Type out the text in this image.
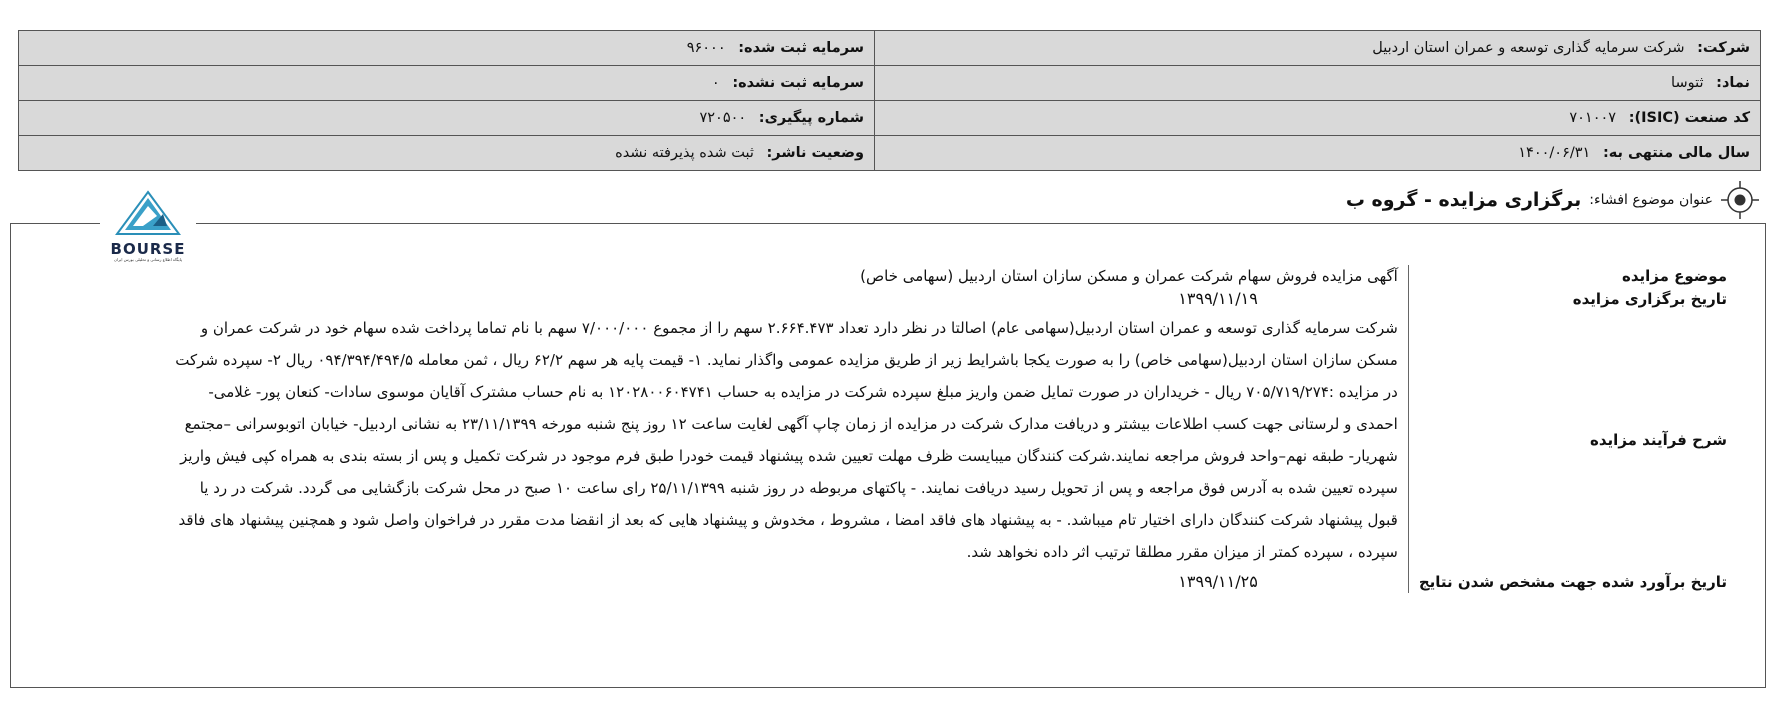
شرکت: شرکت سرمایه گذاری توسعه و عمران استان اردبیل	سرمایه ثبت شده: ۹۶۰۰۰
نماد: ثتوسا	سرمایه ثبت نشده: ۰
کد صنعت (ISIC): ۷۰۱۰۰۷	شماره پیگیری: ۷۲۰۵۰۰
سال مالی منتهی به: ۱۴۰۰/۰۶/۳۱	وضعیت ناشر: ثبت شده پذیرفته نشده
عنوان موضوع افشاء:
برگزاری مزایده - گروه ب
BOURSE
پایگاه اطلاع رسانی و تحلیلی بورس ایران
موضوع مزایده	آگهی مزایده فروش سهام شرکت عمران و مسکن سازان استان اردبیل (سهامی خاص)
تاریخ برگزاری مزایده	۱۳۹۹/۱۱/۱۹
شرح فرآیند مزایده	شرکت سرمایه گذاری توسعه و عمران استان اردبیل(سهامی عام) اصالتا در نظر دارد تعداد ۲.۶۶۴.۴۷۳ سهم را از مجموع ۷/۰۰۰/۰۰۰ سهم با نام تماما پرداخت شده سهام خود در شرکت عمران و مسکن سازان استان اردبیل(سهامی خاص) را به صورت یکجا باشرایط زیر از طریق مزایده عمومی واگذار نماید. ۱- قیمت پایه هر سهم ۶۲/۲ ریال ، ثمن معامله ۰۹۴/۳۹۴/۴۹۴/۵ ریال ۲- سپرده شرکت در مزایده :۷۰۵/۷۱۹/۲۷۴ ریال - خریداران در صورت تمایل ضمن واریز مبلغ سپرده شرکت در مزایده به حساب ۱۲۰۲۸۰۰۶۰۴۷۴۱ به نام حساب مشترک آقایان موسوی سادات- کنعان پور- غلامی- احمدی و لرستانی جهت کسب اطلاعات بیشتر و دریافت مدارک شرکت در مزایده از زمان چاپ آگهی لغایت ساعت ۱۲ روز پنج شنبه مورخه ۲۳/۱۱/۱۳۹۹ به نشانی اردبیل- خیابان اتوبوسرانی –مجتمع شهریار- طبقه نهم–واحد فروش مراجعه نمایند.شرکت کنندگان میبایست ظرف مهلت تعیین شده پیشنهاد قیمت خودرا طبق فرم موجود در شرکت تکمیل و پس از بسته بندی به همراه کپی فیش واریز سپرده تعیین شده به آدرس فوق مراجعه و پس از تحویل رسید دریافت نمایند. - پاکتهای مربوطه در روز شنبه ۲۵/۱۱/۱۳۹۹ رای ساعت ۱۰ صبح در محل شرکت بازگشایی می گردد. شرکت در رد یا قبول پیشنهاد شرکت کنندگان دارای اختیار تام میباشد. - به پیشنهاد های فاقد امضا ، مشروط ، مخدوش و پیشنهاد هایی که بعد از انقضا مدت مقرر در فراخوان واصل شود و همچنین پیشنهاد های فاقد سپرده ، سپرده کمتر از میزان مقرر مطلقا ترتیب اثر داده نخواهد شد.
تاریخ برآورد شده جهت مشخص شدن نتایج	۱۳۹۹/۱۱/۲۵
